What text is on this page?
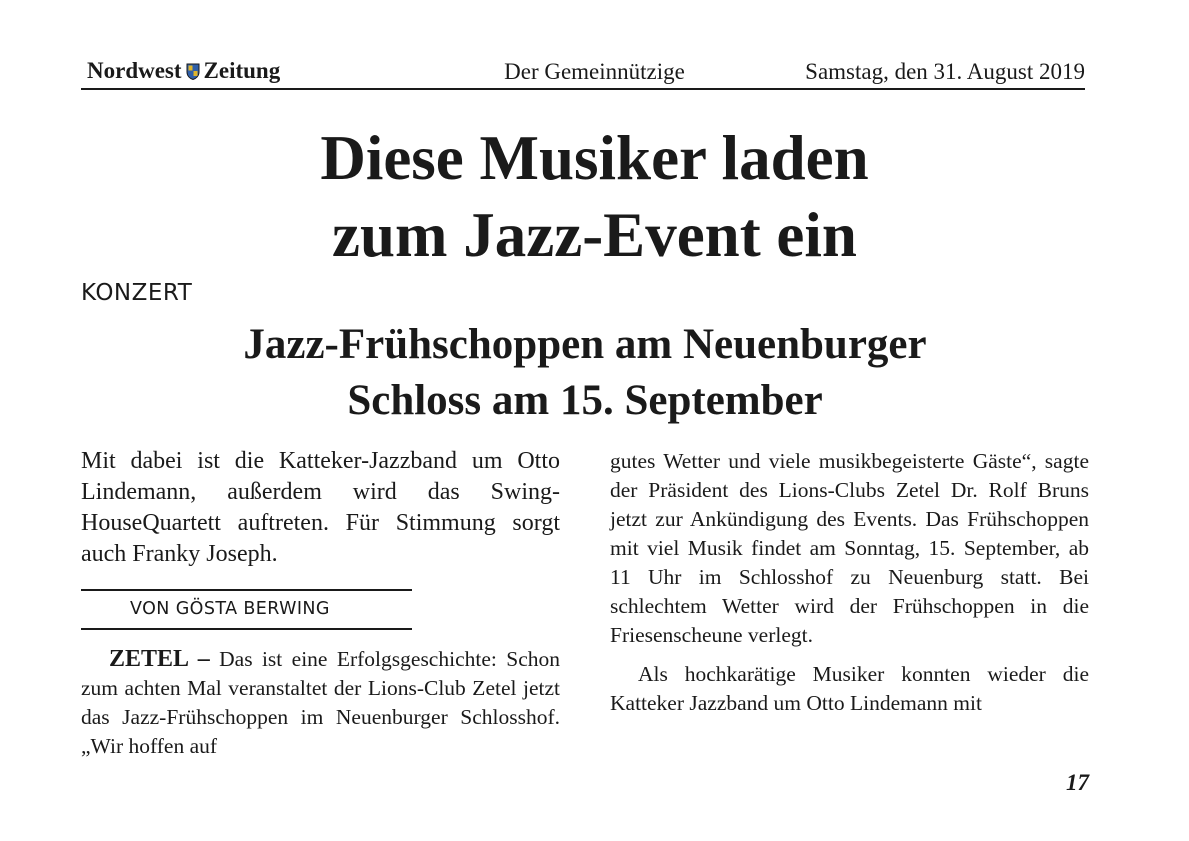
Nordwest Zeitung	Der Gemeinnützige	Samstag, den 31. August 2019
Diese Musiker laden
zum Jazz-Event ein
KONZERT
Jazz-Frühschoppen am Neuenburger
Schloss am 15. September

Mit dabei ist die Katteker-Jazzband um Otto Lindemann, außerdem wird das Swing-HouseQuartett auftreten. Für Stimmung sorgt auch Franky Joseph.

VON GÖSTA BERWING

ZETEL – Das ist eine Erfolgsgeschichte: Schon zum achten Mal veranstaltet der Lions-Club Zetel jetzt das Jazz-Frühschoppen im Neuenburger Schlosshof. „Wir hoffen auf

gutes Wetter und viele musikbegeisterte Gäste“, sagte der Präsident des Lions-Clubs Zetel Dr. Rolf Bruns jetzt zur Ankündigung des Events. Das Frühschoppen mit viel Musik findet am Sonntag, 15. September, ab 11 Uhr im Schlosshof zu Neuenburg statt. Bei schlechtem Wetter wird der Frühschoppen in die Friesenscheune verlegt.

Als hochkarätige Musiker konnten wieder die Katteker Jazzband um Otto Lindemann mit

17
